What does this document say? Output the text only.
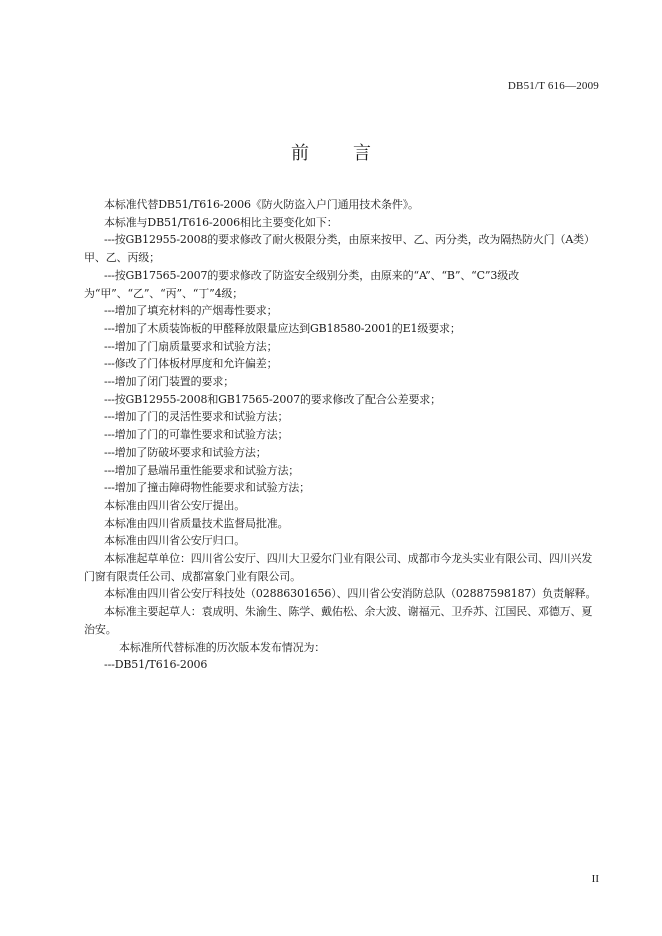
DB51/T 616—2009
前 言

本标准代替DB51/T616-2006《防火防盗入户门通用技术条件》。

本标准与DB51/T616-2006相比主要变化如下：

---按GB12955-2008的要求修改了耐火极限分类，由原来按甲、乙、丙分类，改为隔热防火门（A类）甲、乙、丙级；

---按GB17565-2007的要求修改了防盗安全级别分类，由原来的“A”、“B”、“C”3级改为“甲”、“乙”、“丙”、“丁”4级；

---增加了填充材料的产烟毒性要求；

---增加了木质装饰板的甲醛释放限量应达到GB18580-2001的E1级要求；

---增加了门扇质量要求和试验方法；

---修改了门体板材厚度和允许偏差；

---增加了闭门装置的要求；

---按GB12955-2008和GB17565-2007的要求修改了配合公差要求；

---增加了门的灵活性要求和试验方法；

---增加了门的可靠性要求和试验方法；

---增加了防破坏要求和试验方法；

---增加了悬端吊重性能要求和试验方法；

---增加了撞击障碍物性能要求和试验方法；

本标准由四川省公安厅提出。

本标准由四川省质量技术监督局批准。

本标准由四川省公安厅归口。

本标准起草单位：四川省公安厅、四川大卫爱尔门业有限公司、成都市今龙头实业有限公司、四川兴发门窗有限责任公司、成都富象门业有限公司。

本标准由四川省公安厅科技处（02886301656）、四川省公安消防总队（02887598187）负责解释。

本标准主要起草人：袁成明、朱渝生、陈学、戴佑松、余大波、谢福元、卫乔苏、江国民、邓德万、夏治安。

本标准所代替标准的历次版本发布情况为：

---DB51/T616-2006

II
